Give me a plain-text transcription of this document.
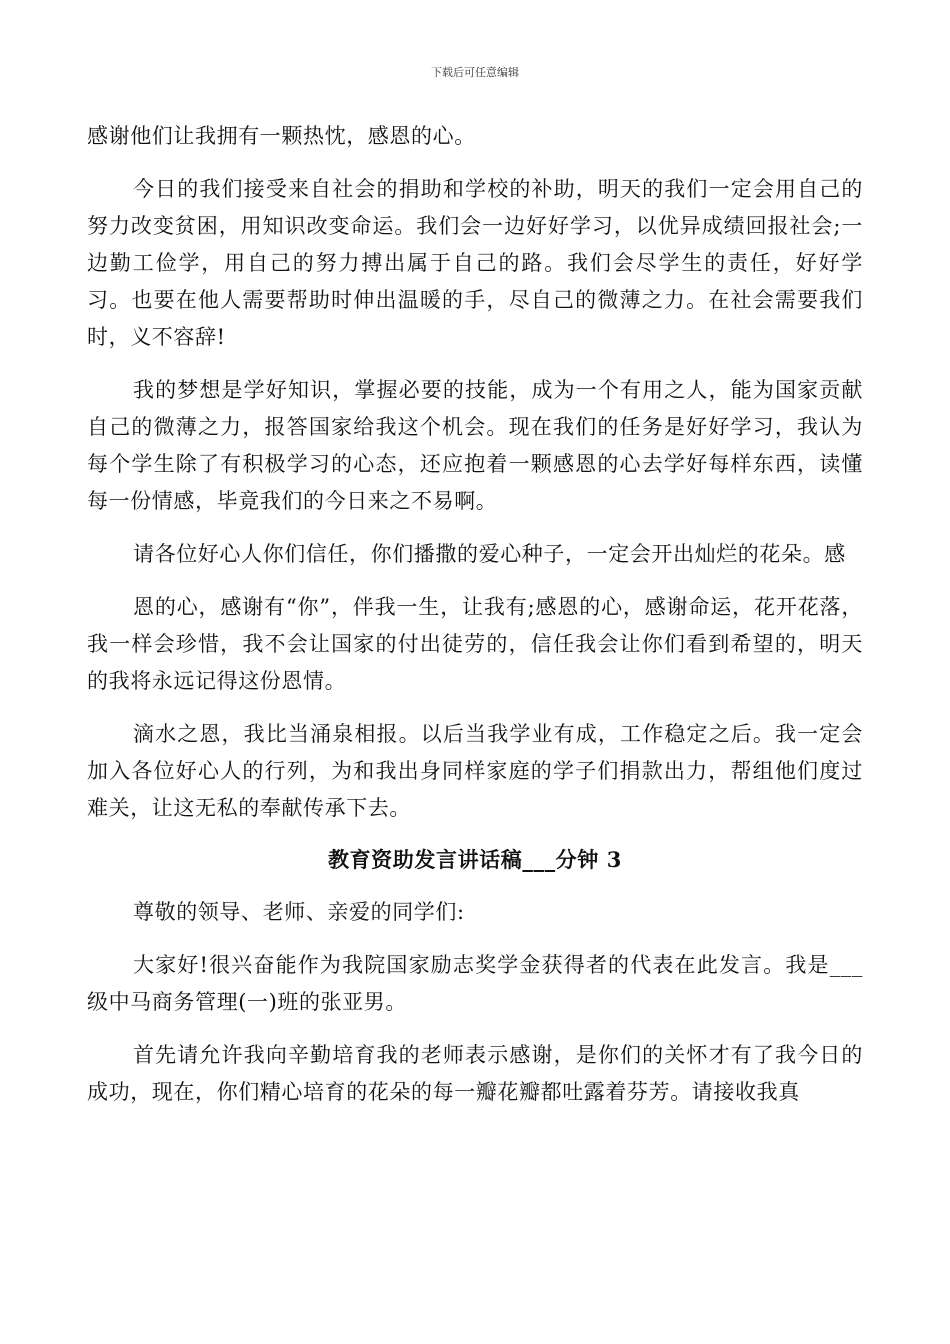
下载后可任意编辑

感谢他们让我拥有一颗热忱，感恩的心。

今日的我们接受来自社会的捐助和学校的补助，明天的我们一定会用自己的努力改变贫困，用知识改变命运。我们会一边好好学习，以优异成绩回报社会;一边勤工俭学，用自己的努力搏出属于自己的路。我们会尽学生的责任，好好学习。也要在他人需要帮助时伸出温暖的手，尽自己的微薄之力。在社会需要我们时，义不容辞!

我的梦想是学好知识，掌握必要的技能，成为一个有用之人，能为国家贡献自己的微薄之力，报答国家给我这个机会。现在我们的任务是好好学习，我认为每个学生除了有积极学习的心态，还应抱着一颗感恩的心去学好每样东西，读懂每一份情感，毕竟我们的今日来之不易啊。

请各位好心人你们信任，你们播撒的爱心种子，一定会开出灿烂的花朵。感

恩的心，感谢有“你”，伴我一生，让我有;感恩的心，感谢命运，花开花落，我一样会珍惜，我不会让国家的付出徒劳的，信任我会让你们看到希望的，明天的我将永远记得这份恩情。

滴水之恩，我比当涌泉相报。以后当我学业有成，工作稳定之后。我一定会加入各位好心人的行列，为和我出身同样家庭的学子们捐款出力，帮组他们度过难关，让这无私的奉献传承下去。

教育资助发言讲话稿___分钟 3

尊敬的领导、老师、亲爱的同学们:

大家好!很兴奋能作为我院国家励志奖学金获得者的代表在此发言。我是___级中马商务管理(一)班的张亚男。

首先请允许我向辛勤培育我的老师表示感谢，是你们的关怀才有了我今日的成功，现在，你们精心培育的花朵的每一瓣花瓣都吐露着芬芳。请接收我真
